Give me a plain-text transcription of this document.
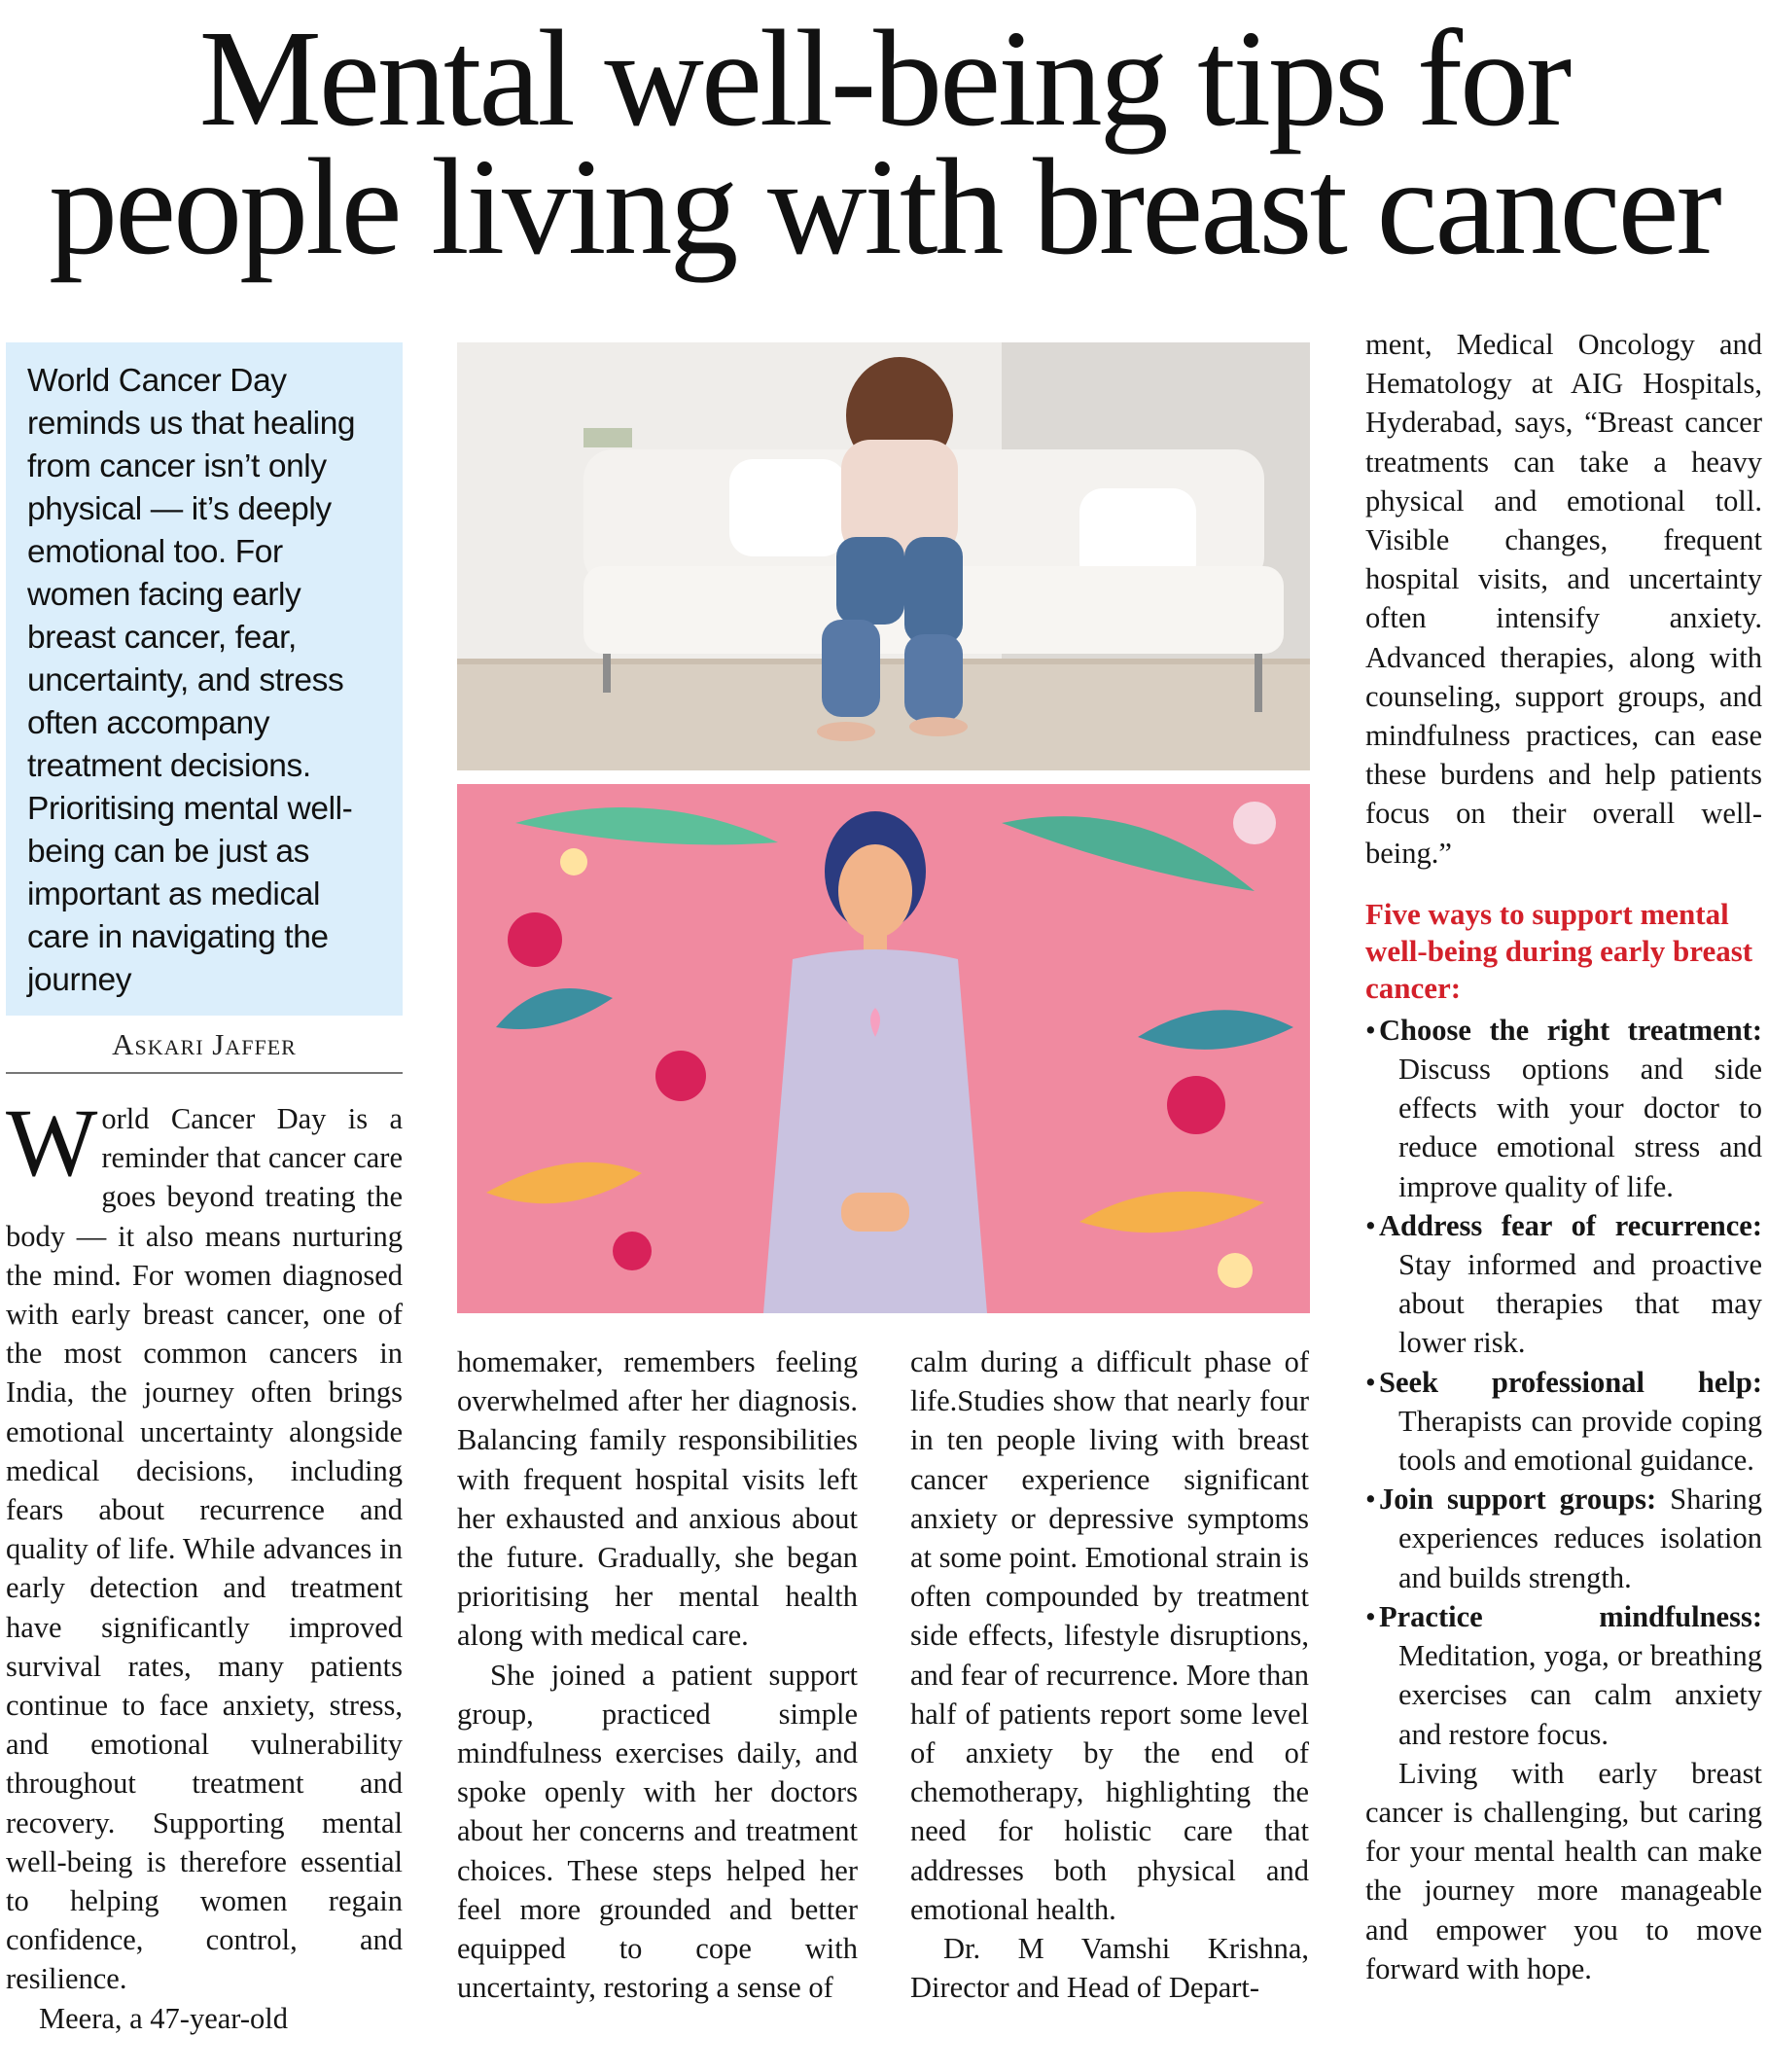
Mental well-being tips for
people living with breast cancer
World Cancer Day reminds us that healing from cancer isn’t only physical — it’s deeply emotional too. For women facing early breast cancer, fear, uncertainty, and stress often accompany treatment decisions. Prioritising mental well-being can be just as important as medical care in navigating the journey
Askari Jaffer

World Cancer Day is a reminder that cancer care goes beyond treating the body — it also means nurturing the mind. For women diagnosed with early breast cancer, one of the most common cancers in India, the journey often brings emotional uncertainty alongside medical decisions, including fears about recurrence and quality of life. While advances in early detection and treatment have significantly improved survival rates, many patients continue to face anxiety, stress, and emotional vulnerability throughout treatment and recovery. Supporting mental well-being is therefore essential to helping women regain confidence, control, and resilience.

Meera, a 47-year-old

homemaker, remembers feeling overwhelmed after her diagnosis. Balancing family responsibilities with frequent hospital visits left her exhausted and anxious about the future. Gradually, she began prioritising her mental health along with medical care.

She joined a patient support group, practiced simple mindfulness exercises daily, and spoke openly with her doctors about her concerns and treatment choices. These steps helped her feel more grounded and better equipped to cope with uncertainty, restoring a sense of

calm during a difficult phase of life.Studies show that nearly four in ten people living with breast cancer experience significant anxiety or depressive symptoms at some point. Emotional strain is often compounded by treatment side effects, lifestyle disruptions, and fear of recurrence. More than half of patients report some level of anxiety by the end of chemotherapy, highlighting the need for holistic care that addresses both physical and emotional health.

Dr. M Vamshi Krishna, Director and Head of Depart-

ment, Medical Oncology and Hematology at AIG Hospitals, Hyderabad, says, “Breast cancer treatments can take a heavy physical and emotional toll. Visible changes, frequent hospital visits, and uncertainty often intensify anxiety. Advanced therapies, along with counseling, support groups, and mindfulness practices, can ease these burdens and help patients focus on their overall well-being.”

Five ways to support mental well-being during early breast cancer:
• Choose the right treatment: Discuss options and side effects with your doctor to reduce emotional stress and improve quality of life.
• Address fear of recurrence: Stay informed and proactive about therapies that may lower risk.
• Seek professional help: Therapists can provide coping tools and emotional guidance.
• Join support groups: Sharing experiences reduces isolation and builds strength.
• Practice mindfulness: Meditation, yoga, or breathing exercises can calm anxiety and restore focus.

Living with early breast cancer is challenging, but caring for your mental health can make the journey more manageable and empower you to move forward with hope.
